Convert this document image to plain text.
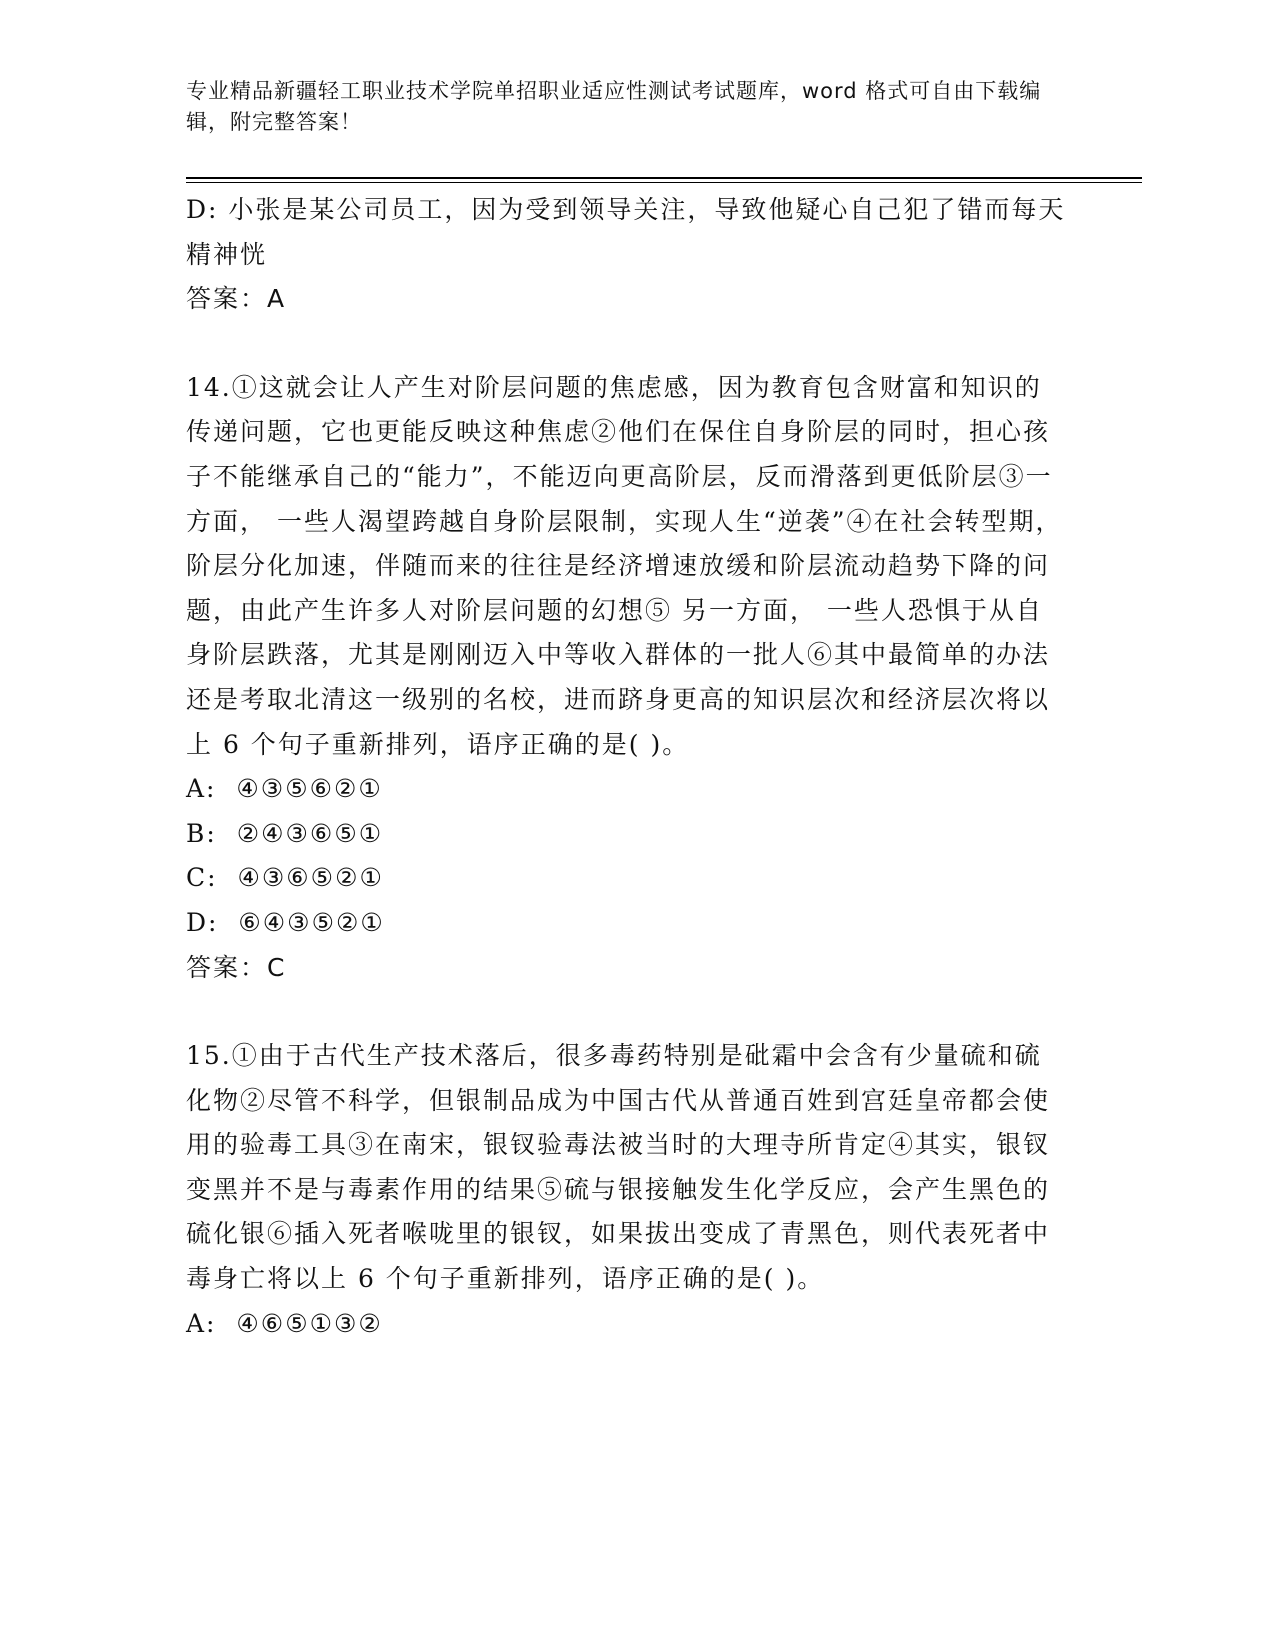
专业精品新疆轻工职业技术学院单招职业适应性测试考试题库，word 格式可自由下载编辑，附完整答案！

D: 小张是某公司员工，因为受到领导关注，导致他疑心自己犯了错而每天精神恍

答案：A

14.①这就会让人产生对阶层问题的焦虑感，因为教育包含财富和知识的传递问题，它也更能反映这种焦虑②他们在保住自身阶层的同时，担心孩子不能继承自己的“能力”，不能迈向更高阶层，反而滑落到更低阶层③一方面， 一些人渴望跨越自身阶层限制，实现人生“逆袭”④在社会转型期，阶层分化加速，伴随而来的往往是经济增速放缓和阶层流动趋势下降的问题，由此产生许多人对阶层问题的幻想⑤ 另一方面， 一些人恐惧于从自身阶层跌落，尤其是刚刚迈入中等收入群体的一批人⑥其中最简单的办法还是考取北清这一级别的名校，进而跻身更高的知识层次和经济层次将以上 6 个句子重新排列，语序正确的是( )。

A:  ④③⑤⑥②①

B:  ②④③⑥⑤①

C:  ④③⑥⑤②①

D:  ⑥④③⑤②①

答案：C

15.①由于古代生产技术落后，很多毒药特别是砒霜中会含有少量硫和硫化物②尽管不科学，但银制品成为中国古代从普通百姓到宫廷皇帝都会使用的验毒工具③在南宋，银钗验毒法被当时的大理寺所肯定④其实，银钗变黑并不是与毒素作用的结果⑤硫与银接触发生化学反应，会产生黑色的硫化银⑥插入死者喉咙里的银钗，如果拔出变成了青黑色，则代表死者中毒身亡将以上 6 个句子重新排列，语序正确的是( )。

A:  ④⑥⑤①③②
